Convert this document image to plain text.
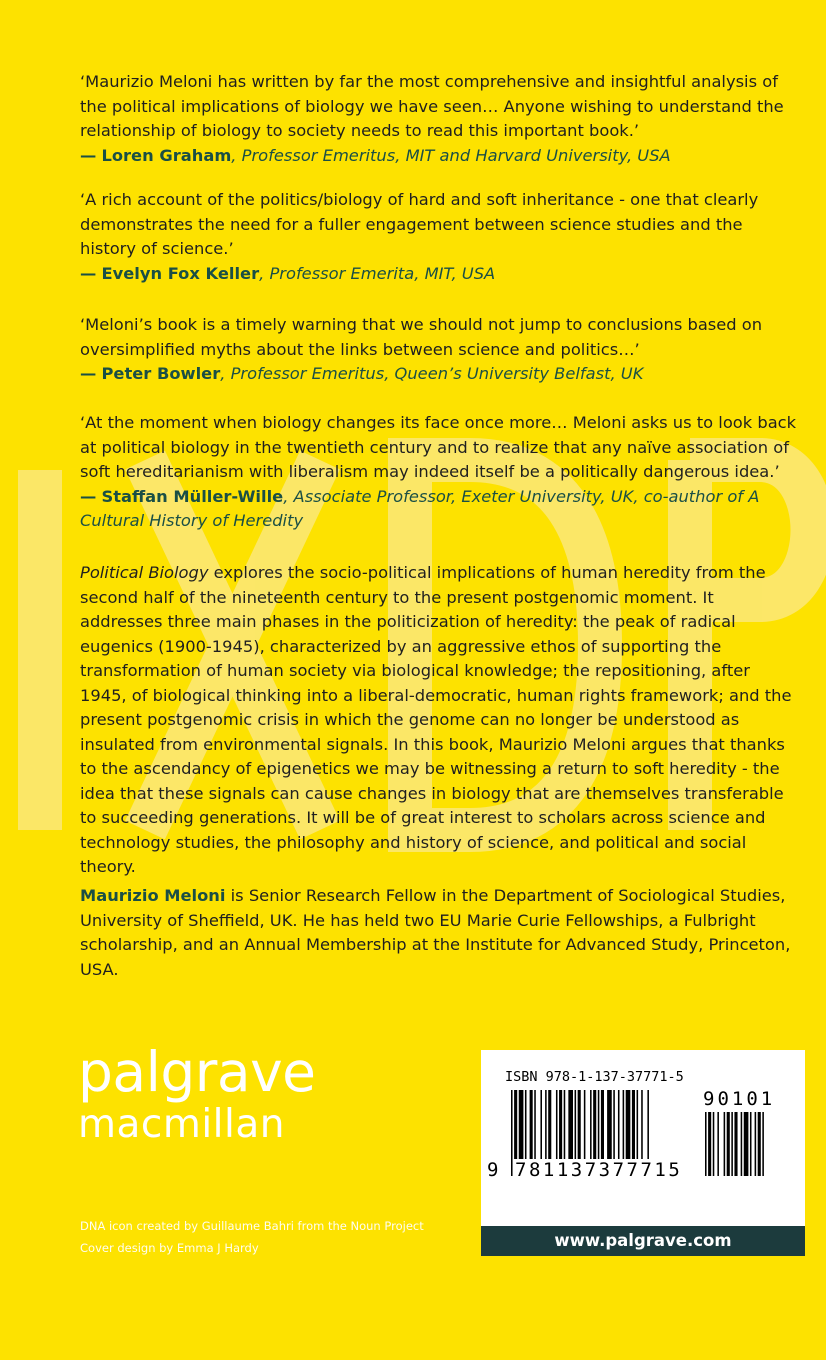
‘Maurizio Meloni has written by far the most comprehensive and insightful analysis of the political implications of biology we have seen… Anyone wishing to understand the relationship of biology to society needs to read this important book.’
— Loren Graham, Professor Emeritus, MIT and Harvard University, USA

‘A rich account of the politics/biology of hard and soft inheritance - one that clearly demonstrates the need for a fuller engagement between science studies and the history of science.’
— Evelyn Fox Keller, Professor Emerita, MIT, USA

‘Meloni’s book is a timely warning that we should not jump to conclusions based on oversimplified myths about the links between science and politics…’
— Peter Bowler, Professor Emeritus, Queen’s University Belfast, UK

‘At the moment when biology changes its face once more… Meloni asks us to look back at political biology in the twentieth century and to realize that any naïve association of soft hereditarianism with liberalism may indeed itself be a politically dangerous idea.’
— Staffan Müller-Wille, Associate Professor, Exeter University, UK, co-author of A Cultural History of Heredity

Political Biology explores the socio-political implications of human heredity from the second half of the nineteenth century to the present postgenomic moment. It addresses three main phases in the politicization of heredity: the peak of radical eugenics (1900-1945), characterized by an aggressive ethos of supporting the transformation of human society via biological knowledge; the repositioning, after 1945, of biological thinking into a liberal-democratic, human rights framework; and the present postgenomic crisis in which the genome can no longer be understood as insulated from environmental signals. In this book, Maurizio Meloni argues that thanks to the ascendancy of epigenetics we may be witnessing a return to soft heredity - the idea that these signals can cause changes in biology that are themselves transferable to succeeding generations. It will be of great interest to scholars across science and technology studies, the philosophy and history of science, and political and social theory.

Maurizio Meloni is Senior Research Fellow in the Department of Sociological Studies, University of Sheffield, UK. He has held two EU Marie Curie Fellowships, a Fulbright scholarship, and an Annual Membership at the Institute for Advanced Study, Princeton, USA.

palgrave
macmillan
DNA icon created by Guillaume Bahri from the Noun Project
Cover design by Emma J Hardy
ISBN 978-1-137-37771-5
90101
9 781137377715
www.palgrave.com
